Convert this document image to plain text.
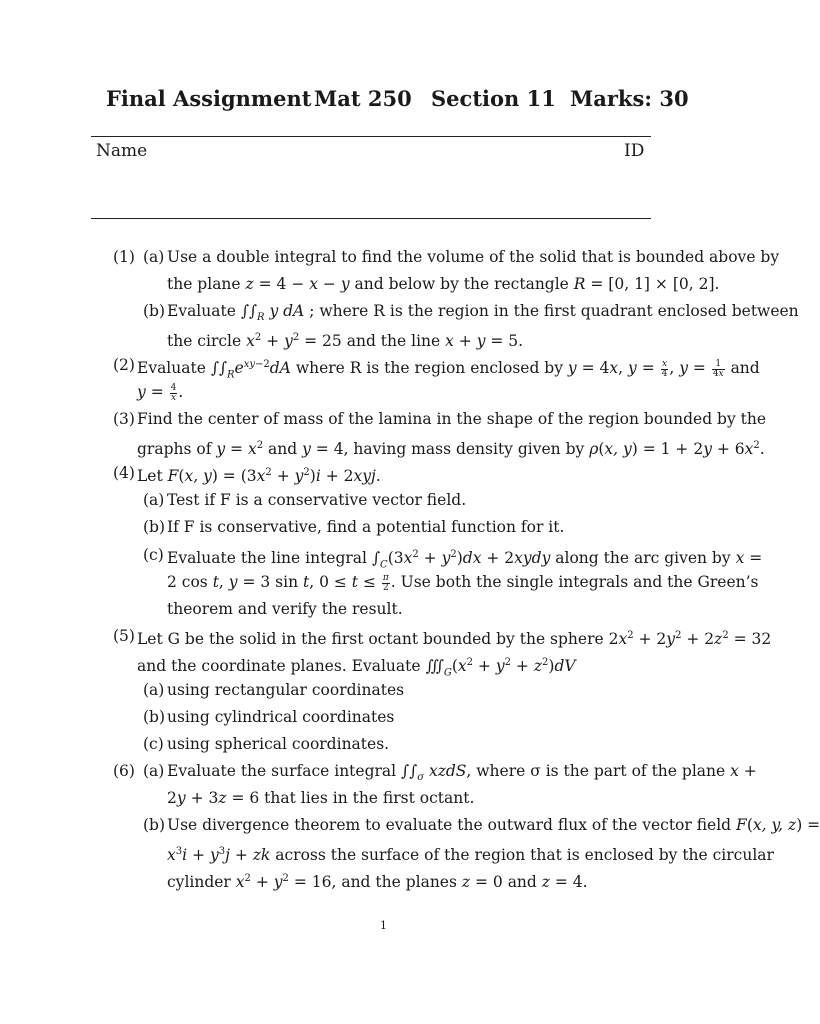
Final Assignment Mat 250 Section 11 Marks: 30
Name	ID
(1) (a) Use a double integral to find the volume of the solid that is bounded above by
the plane z = 4 − x − y and below by the rectangle R = [0, 1] × [0, 2].
(b) Evaluate $\int\int_R$ y dA ; where R is the region in the first quadrant enclosed between
the circle $x^2 + y^2 = 25$ and the line x + y = 5.
(2) Evaluate $\int\int_Re^{xy-2}dA$ where R is the region enclosed by y = 4x, $y = \frac{x}{4}$ , $y = \frac{1}{4x}$ and
$y = \frac{4}{x}$ .
(3) Find the center of mass of the lamina in the shape of the region bounded by the
graphs of $y = x^2$ and y = 4, having mass density given by ρ(x, $y) = 1 + 2y + 6x^2$.
(4) Let F(x, $y) = (3x^2 + y^2)i + 2xyj$.
(a) Test if F is a conservative vector field.
(b) If F is conservative, find a potential function for it.
(c) Evaluate the line integral $\int_C(3x^2 + y^2)dx$ + 2xydy along the arc given by x =
2 cos t, y = 3 sin t, $0 \le t \le \frac{\pi}{2}$ . Use both the single integrals and the Green’s
theorem and verify the result.
(5) Let G be the solid in the first octant bounded by the sphere $2x^2 + 2y^2 + 2z^2 = 32$
and the coordinate planes. Evaluate $∭_G(x^2 + y^2 + z^2)dV$
(a) using rectangular coordinates
(b) using cylindrical coordinates
(c) using spherical coordinates.
(6) (a) Evaluate the surface integral $\int\int_\sigma$ xzdS, where σ is the part of the plane x +
2y + 3z = 6 that lies in the first octant.
(b) Use divergence theorem to evaluate the outward flux of the vector field F(x, y, z) =
$x^3i + y^3j$ + zk across the surface of the region that is enclosed by the circular
cylinder $x^2 + y^2 = 16$, and the planes z = 0 and z = 4.
1
